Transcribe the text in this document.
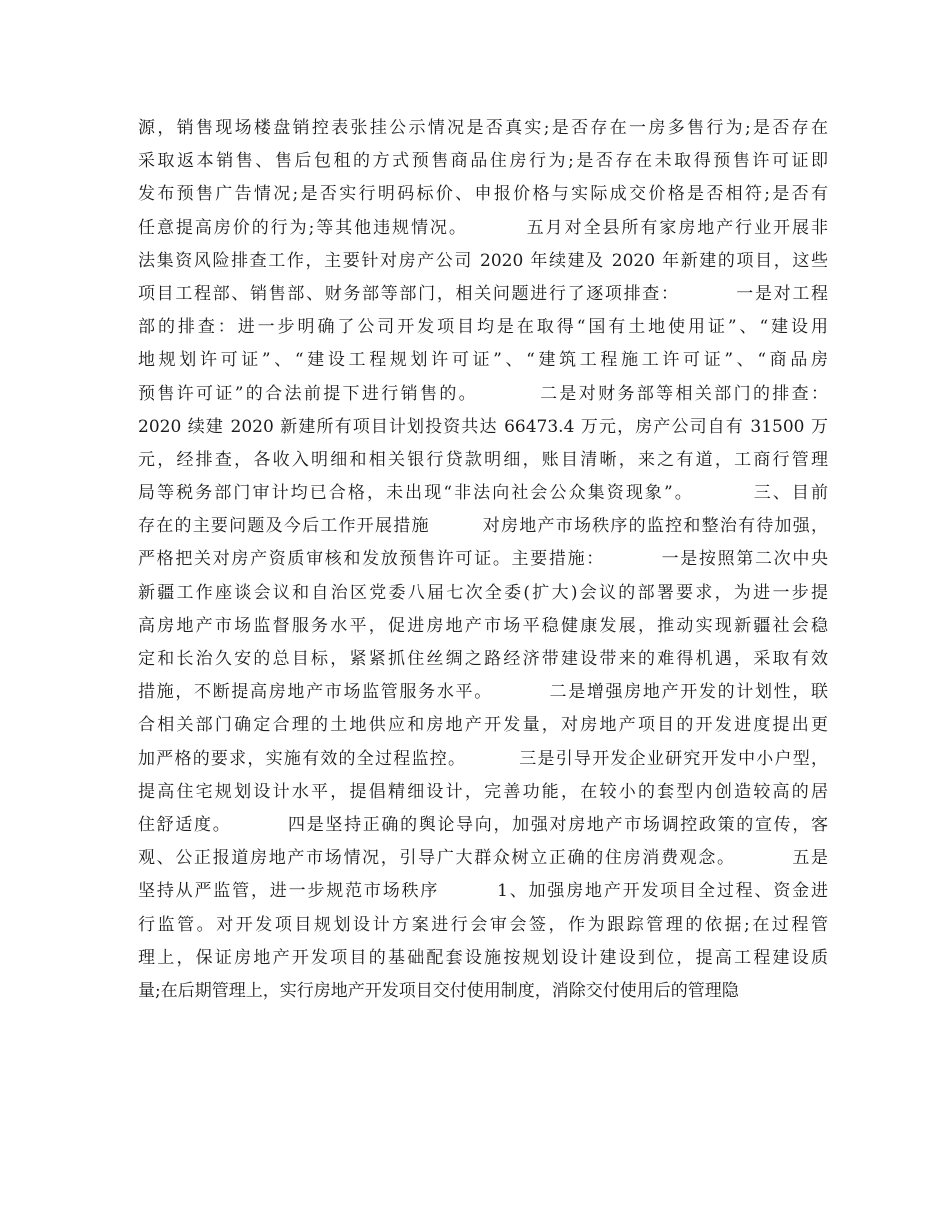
源，销售现场楼盘销控表张挂公示情况是否真实;是否存在一房多售行为;是否存在
采取返本销售、售后包租的方式预售商品住房行为;是否存在未取得预售许可证即
发布预售广告情况;是否实行明码标价、申报价格与实际成交价格是否相符;是否有
任意提高房价的行为;等其他违规情况。        五月对全县所有家房地产行业开展非
法集资风险排查工作，主要针对房产公司 2020 年续建及 2020 年新建的项目，这些
项目工程部、销售部、财务部等部门，相关问题进行了逐项排查：        一是对工程
部的排查：进一步明确了公司开发项目均是在取得“国有土地使用证”、“建设用
地规划许可证”、“建设工程规划许可证”、“建筑工程施工许可证”、“商品房
预售许可证”的合法前提下进行销售的。        二是对财务部等相关部门的排查：
2020 续建 2020 新建所有项目计划投资共达 66473.4 万元，房产公司自有 31500 万
元，经排查，各收入明细和相关银行贷款明细，账目清晰，来之有道，工商行管理
局等税务部门审计均已合格，未出现“非法向社会公众集资现象”。        三、目前
存在的主要问题及今后工作开展措施        对房地产市场秩序的监控和整治有待加强，
严格把关对房产资质审核和发放预售许可证。主要措施：        一是按照第二次中央
新疆工作座谈会议和自治区党委八届七次全委(扩大)会议的部署要求，为进一步提
高房地产市场监督服务水平，促进房地产市场平稳健康发展，推动实现新疆社会稳
定和长治久安的总目标，紧紧抓住丝绸之路经济带建设带来的难得机遇，采取有效
措施，不断提高房地产市场监管服务水平。        二是增强房地产开发的计划性，联
合相关部门确定合理的土地供应和房地产开发量，对房地产项目的开发进度提出更
加严格的要求，实施有效的全过程监控。        三是引导开发企业研究开发中小户型，
提高住宅规划设计水平，提倡精细设计，完善功能，在较小的套型内创造较高的居
住舒适度。        四是坚持正确的舆论导向，加强对房地产市场调控政策的宣传，客
观、公正报道房地产市场情况，引导广大群众树立正确的住房消费观念。        五是
坚持从严监管，进一步规范市场秩序        1、加强房地产开发项目全过程、资金进
行监管。对开发项目规划设计方案进行会审会签，作为跟踪管理的依据;在过程管
理上，保证房地产开发项目的基础配套设施按规划设计建设到位，提高工程建设质
量;在后期管理上，实行房地产开发项目交付使用制度，消除交付使用后的管理隐
